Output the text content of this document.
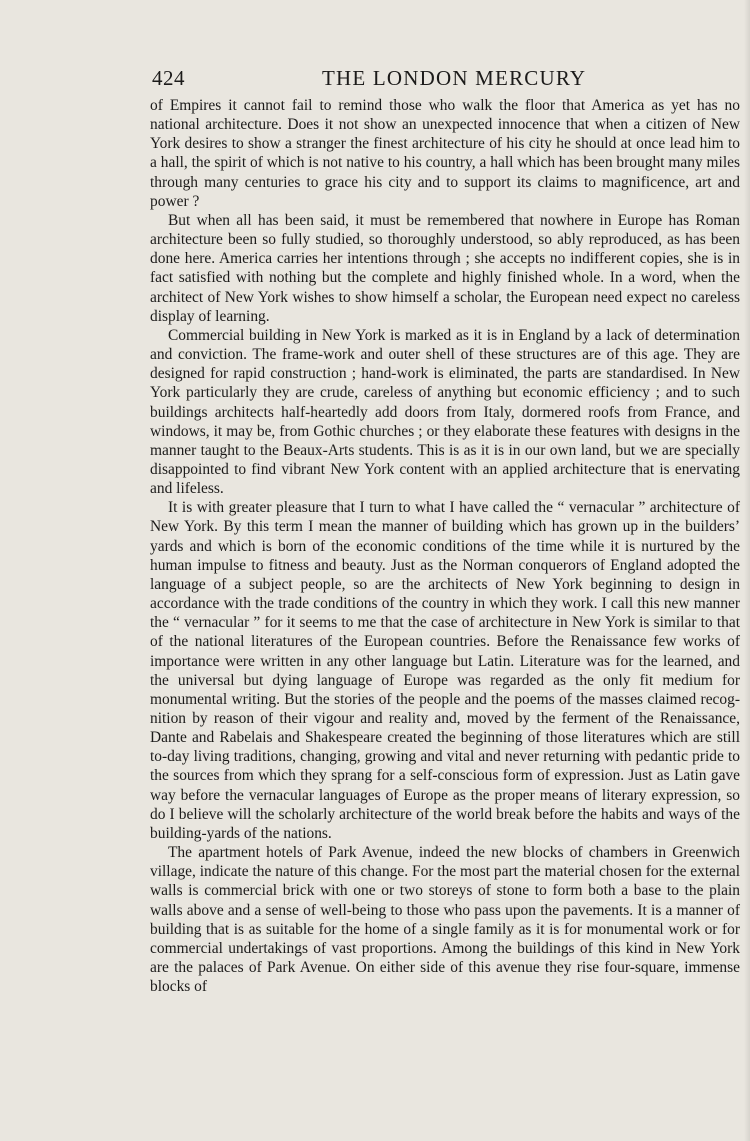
424	THE LONDON MERCURY

of Empires it cannot fail to remind those who walk the floor that America as yet has no national architecture. Does it not show an unexpected innocence that when a citizen of New York desires to show a stranger the finest architecture of his city he should at once lead him to a hall, the spirit of which is not native to his country, a hall which has been brought many miles through many centuries to grace his city and to support its claims to magnificence, art and power ?

But when all has been said, it must be remembered that nowhere in Europe has Roman architecture been so fully studied, so thoroughly understood, so ably reproduced, as has been done here. America carries her intentions through ; she accepts no indifferent copies, she is in fact satisfied with nothing but the complete and highly finished whole. In a word, when the architect of New York wishes to show himself a scholar, the European need expect no careless display of learning.

Commercial building in New York is marked as it is in England by a lack of determination and conviction. The frame-work and outer shell of these structures are of this age. They are designed for rapid construction ; hand-work is eliminated, the parts are standardised. In New York particularly they are crude, careless of anything but economic efficiency ; and to such buildings architects half-heartedly add doors from Italy, dormered roofs from France, and windows, it may be, from Gothic churches ; or they elaborate these features with designs in the manner taught to the Beaux-Arts students. This is as it is in our own land, but we are specially disappointed to find vibrant New York content with an applied architecture that is enervating and lifeless.

It is with greater pleasure that I turn to what I have called the “ vernacular ” architecture of New York. By this term I mean the manner of building which has grown up in the builders’ yards and which is born of the economic conditions of the time while it is nurtured by the human impulse to fitness and beauty. Just as the Norman conquerors of England adopted the language of a subject people, so are the architects of New York beginning to design in accordance with the trade conditions of the country in which they work. I call this new manner the “ vernacular ” for it seems to me that the case of architecture in New York is similar to that of the national literatures of the European countries. Before the Renaissance few works of importance were written in any other language but Latin. Literature was for the learned, and the universal but dying language of Europe was regarded as the only fit medium for monumental writing. But the stories of the people and the poems of the masses claimed recognition by reason of their vigour and reality and, moved by the ferment of the Renaissance, Dante and Rabelais and Shakespeare created the beginning of those literatures which are still to-day living traditions, changing, growing and vital and never returning with pedantic pride to the sources from which they sprang for a self-conscious form of expression. Just as Latin gave way before the vernacular languages of Europe as the proper means of literary expression, so do I believe will the scholarly architecture of the world break before the habits and ways of the building-yards of the nations.

The apartment hotels of Park Avenue, indeed the new blocks of chambers in Greenwich village, indicate the nature of this change. For the most part the material chosen for the external walls is commercial brick with one or two storeys of stone to form both a base to the plain walls above and a sense of well-being to those who pass upon the pavements. It is a manner of building that is as suitable for the home of a single family as it is for monumental work or for commercial undertakings of vast proportions. Among the buildings of this kind in New York are the palaces of Park Avenue. On either side of this avenue they rise four-square, immense blocks of
